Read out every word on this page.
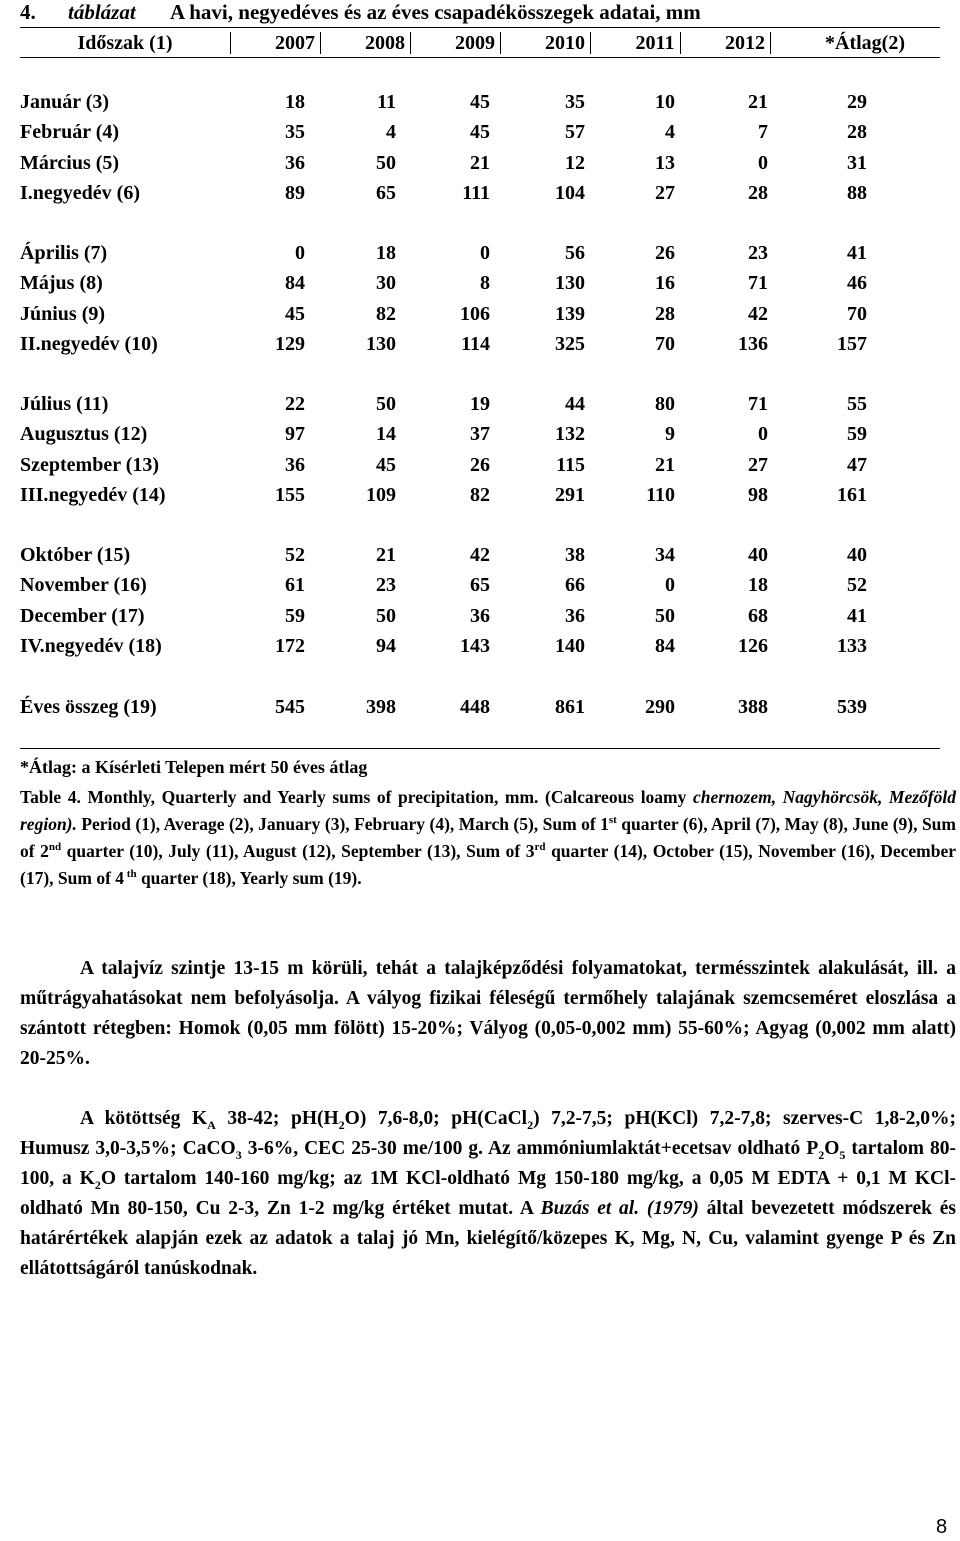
4. táblázat A havi, negyedéves és az éves csapadékösszegek adatai, mm
Időszak (1)	2007	2008	2009	2010	2011	2012	*Átlag(2)
Január (3)	18	11	45	35	10	21	29
Február (4)	35	4	45	57	4	7	28
Március (5)	36	50	21	12	13	0	31
I.negyedév (6)	89	65	111	104	27	28	88
Április (7)	0	18	0	56	26	23	41
Május (8)	84	30	8	130	16	71	46
Június (9)	45	82	106	139	28	42	70
II.negyedév (10)	129	130	114	325	70	136	157
Július (11)	22	50	19	44	80	71	55
Augusztus (12)	97	14	37	132	9	0	59
Szeptember (13)	36	45	26	115	21	27	47
III.negyedév (14)	155	109	82	291	110	98	161
Október (15)	52	21	42	38	34	40	40
November (16)	61	23	65	66	0	18	52
December (17)	59	50	36	36	50	68	41
IV.negyedév (18)	172	94	143	140	84	126	133
Éves összeg (19)	545	398	448	861	290	388	539
*Átlag: a Kísérleti Telepen mért 50 éves átlag
Table 4. Monthly, Quarterly and Yearly sums of precipitation, mm. (Calcareous loamy chernozem, Nagyhörcsök, Mezőföld region). Period (1), Average (2), January (3), February (4), March (5), Sum of 1st quarter (6), April (7), May (8), June (9), Sum of 2nd quarter (10), July (11), August (12), September (13), Sum of 3rd quarter (14), October (15), November (16), December (17), Sum of 4 $^{th}$ quarter (18), Yearly sum (19).
A talajvíz szintje 13-15 m körüli, tehát a talajképződési folyamatokat, termésszintek alakulását, ill. a műtrágyahatásokat nem befolyásolja. A vályog fizikai féleségű termőhely talajának szemcseméret eloszlása a szántott rétegben: Homok (0,05 mm fölött) 15-20%; Vályog (0,05-0,002 mm) 55-60%; Agyag (0,002 mm alatt) 20-25%.
A kötöttség $K_A$ 38-42; $pH(H_2O)$ 7,6-8,0; pH(CaCl$_2$) 7,2-7,5; pH(KCl) 7,2-7,8; szerves-C 1,8-2,0%; Humusz 3,0-3,5%; CaCO$_3$ 3-6%, CEC 25-30 me/100 g. Az ammóniumlaktát+ecetsav oldható $P_2O_5$ tartalom 80-100, a $K_2O$ tartalom 140-160 mg/kg; az 1M KCl-oldható Mg 150-180 mg/kg, a 0,05 M EDTA + 0,1 M KCl-oldható Mn 80-150, Cu 2-3, Zn 1-2 mg/kg értéket mutat. A Buzás et al. (1979) által bevezetett módszerek és határértékek alapján ezek az adatok a talaj jó Mn, kielégítő/közepes K, Mg, N, Cu, valamint gyenge P és Zn ellátottságáról tanúskodnak.
8
